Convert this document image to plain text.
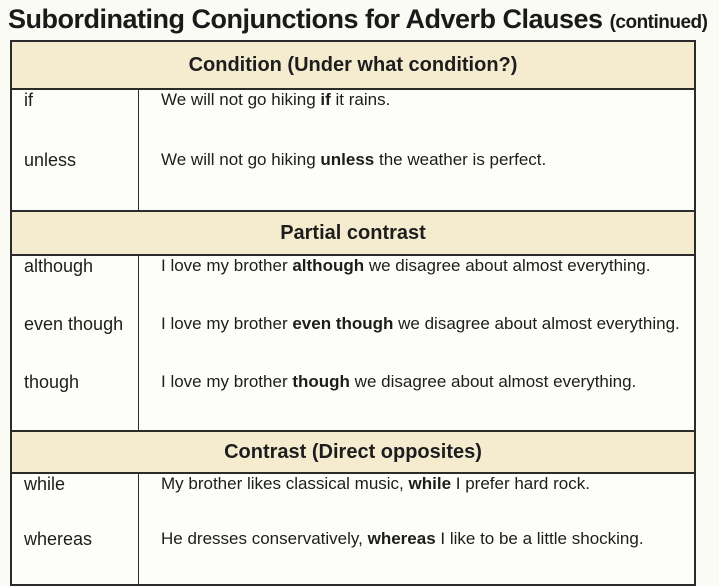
Subordinating Conjunctions for Adverb Clauses (continued)
Condition (Under what condition?)
if
unless
We will not go hiking if it rains.
We will not go hiking unless the weather is perfect.
Partial contrast
although
even though
though
I love my brother although we disagree about almost everything.
I love my brother even though we disagree about almost everything.
I love my brother though we disagree about almost everything.
Contrast (Direct opposites)
while
whereas
My brother likes classical music, while I prefer hard rock.
He dresses conservatively, whereas I like to be a little shocking.
